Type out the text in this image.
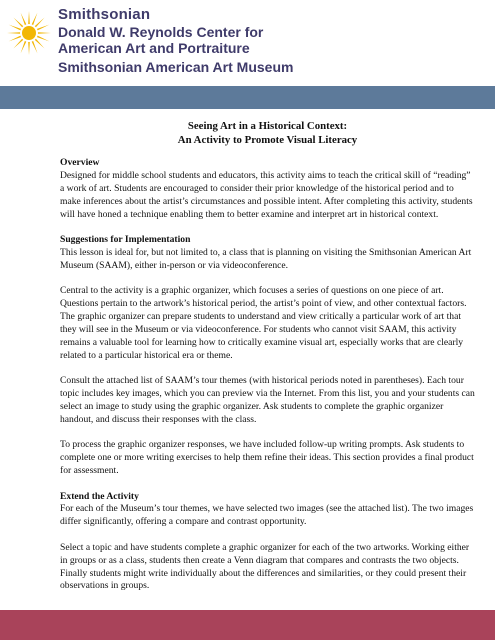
Smithsonian
Donald W. Reynolds Center for
American Art and Portraiture
Smithsonian American Art Museum
Seeing Art in a Historical Context:
An Activity to Promote Visual Literacy
Overview

Designed for middle school students and educators, this activity aims to teach the critical skill of “reading” a work of art. Students are encouraged to consider their prior knowledge of the historical period and to make inferences about the artist’s circumstances and possible intent. After completing this activity, students will have honed a technique enabling them to better examine and interpret art in historical context.

Suggestions for Implementation

This lesson is ideal for, but not limited to, a class that is planning on visiting the Smithsonian American Art Museum (SAAM), either in-person or via videoconference.

Central to the activity is a graphic organizer, which focuses a series of questions on one piece of art. Questions pertain to the artwork’s historical period, the artist’s point of view, and other contextual factors. The graphic organizer can prepare students to understand and view critically a particular work of art that they will see in the Museum or via videoconference. For students who cannot visit SAAM, this activity remains a valuable tool for learning how to critically examine visual art, especially works that are clearly related to a particular historical era or theme.

Consult the attached list of SAAM’s tour themes (with historical periods noted in parentheses). Each tour topic includes key images, which you can preview via the Internet. From this list, you and your students can select an image to study using the graphic organizer. Ask students to complete the graphic organizer handout, and discuss their responses with the class.

To process the graphic organizer responses, we have included follow-up writing prompts. Ask students to complete one or more writing exercises to help them refine their ideas. This section provides a final product for assessment.

Extend the Activity

For each of the Museum’s tour themes, we have selected two images (see the attached list). The two images differ significantly, offering a compare and contrast opportunity.

Select a topic and have students complete a graphic organizer for each of the two artworks. Working either in groups or as a class, students then create a Venn diagram that compares and contrasts the two objects. Finally students might write individually about the differences and similarities, or they could present their observations in groups.
